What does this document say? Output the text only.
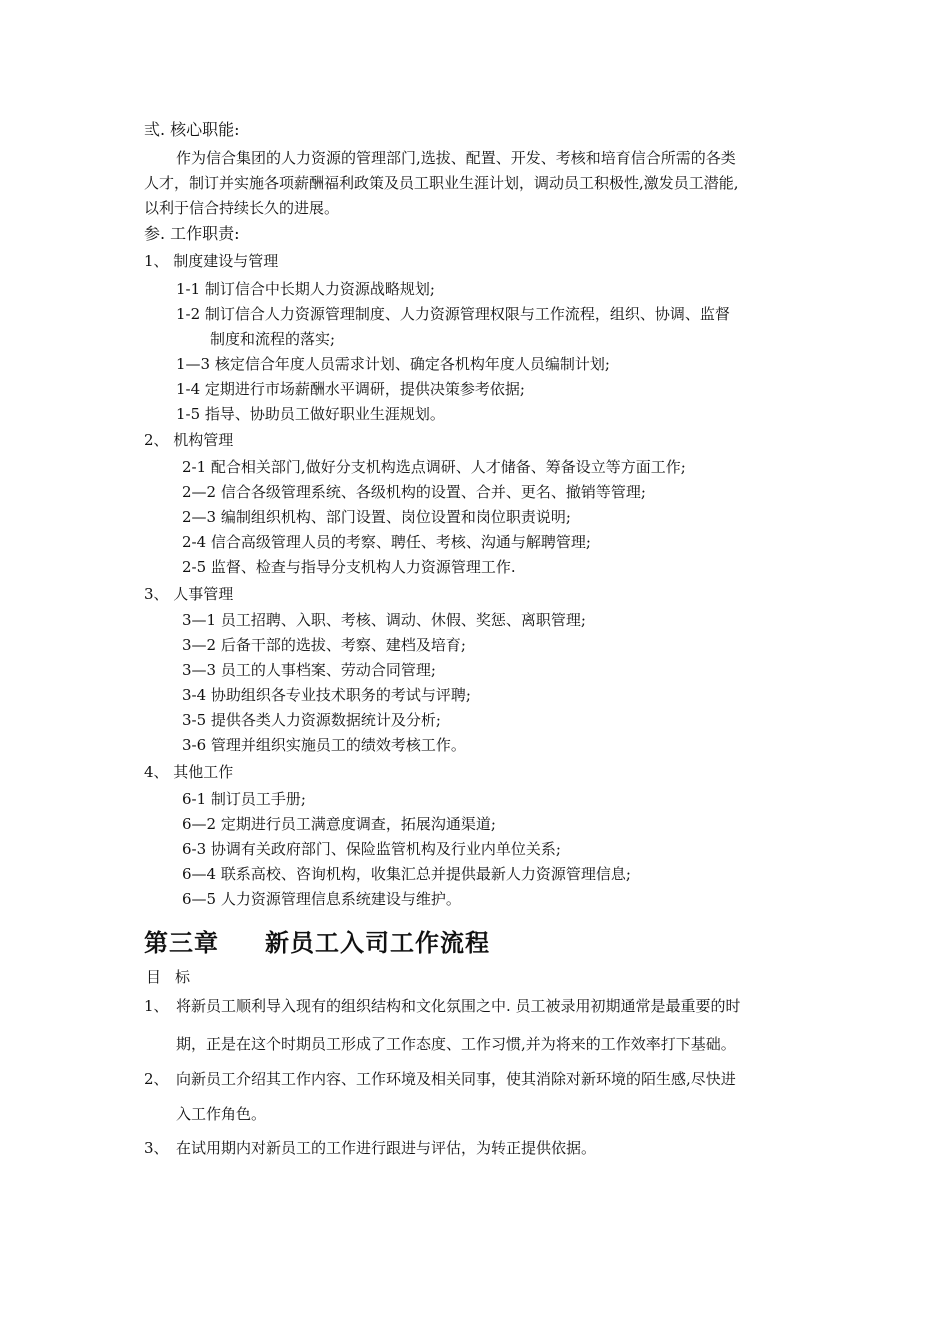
弎. 核心职能:
作为信合集团的人力资源的管理部门,选拔、配置、开发、考核和培育信合所需的各类
人才，制订并实施各项薪酬福利政策及员工职业生涯计划，调动员工积极性,激发员工潜能,
以利于信合持续长久的进展。
参. 工作职责:
1、 制度建设与管理
1-1 制订信合中长期人力资源战略规划;
1-2 制订信合人力资源管理制度、人力资源管理权限与工作流程，组织、协调、监督
制度和流程的落实;
1—3 核定信合年度人员需求计划、确定各机构年度人员编制计划;
1-4 定期进行市场薪酬水平调研，提供决策参考依据;
1-5 指导、协助员工做好职业生涯规划。
2、 机构管理
2-1 配合相关部门,做好分支机构选点调研、人才储备、筹备设立等方面工作;
2—2 信合各级管理系统、各级机构的设置、合并、更名、撤销等管理;
2—3 编制组织机构、部门设置、岗位设置和岗位职责说明;
2-4 信合高级管理人员的考察、聘任、考核、沟通与解聘管理;
2-5 监督、检查与指导分支机构人力资源管理工作.
3、 人事管理
3—1 员工招聘、入职、考核、调动、休假、奖惩、离职管理;
3—2 后备干部的选拔、考察、建档及培育;
3—3 员工的人事档案、劳动合同管理;
3-4 协助组织各专业技术职务的考试与评聘;
3-5 提供各类人力资源数据统计及分析;
3-6 管理并组织实施员工的绩效考核工作。
4、 其他工作
6-1 制订员工手册;
6—2 定期进行员工满意度调查，拓展沟通渠道;
6-3 协调有关政府部门、保险监管机构及行业内单位关系;
6—4 联系高校、咨询机构，收集汇总并提供最新人力资源管理信息;
6—5 人力资源管理信息系统建设与维护。
第三章 新员工入司工作流程
目标
1、 将新员工顺利导入现有的组织结构和文化氛围之中. 员工被录用初期通常是最重要的时
期，正是在这个时期员工形成了工作态度、工作习惯,并为将来的工作效率打下基础。
2、 向新员工介绍其工作内容、工作环境及相关同事，使其消除对新环境的陌生感,尽快进
入工作角色。
3、 在试用期内对新员工的工作进行跟进与评估，为转正提供依据。
